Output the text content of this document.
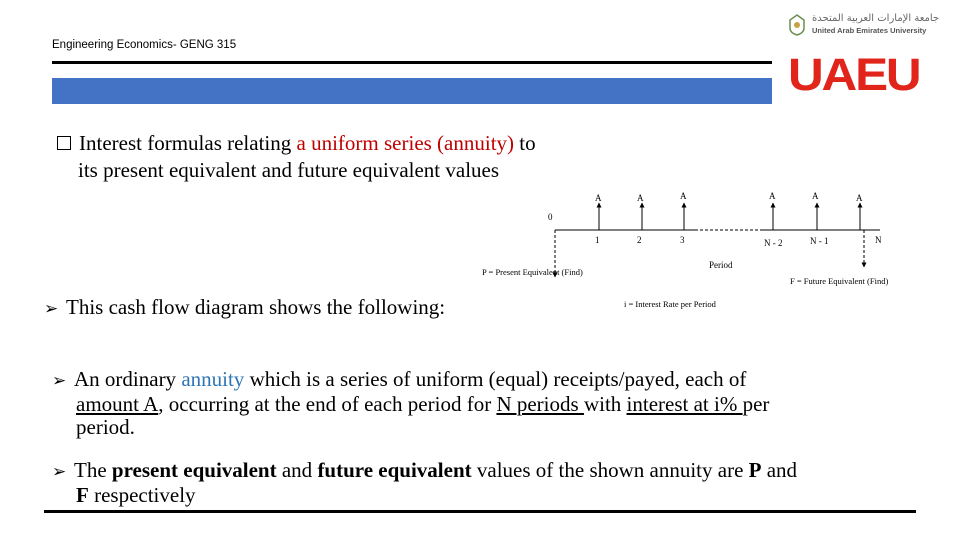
Engineering Economics- GENG 315
جامعة الإمارات العربية المتحدة
United Arab Emirates University
UAEU
Interest formulas relating a uniform series (annuity) to
its present equivalent and future equivalent values
A	A	A	A	A	A
0
1	2	3	N - 2	N - 1	N
Period
P = Present Equivalent (Find)
F = Future Equivalent (Find)
i = Interest Rate per Period
➢ This cash flow diagram shows the following:
➢ An ordinary annuity which is a series of uniform (equal) receipts/payed, each of
amount A, occurring at the end of each period for N periods with interest at i% per
period.
➢ The present equivalent and future equivalent values of the shown annuity are P and
F respectively
